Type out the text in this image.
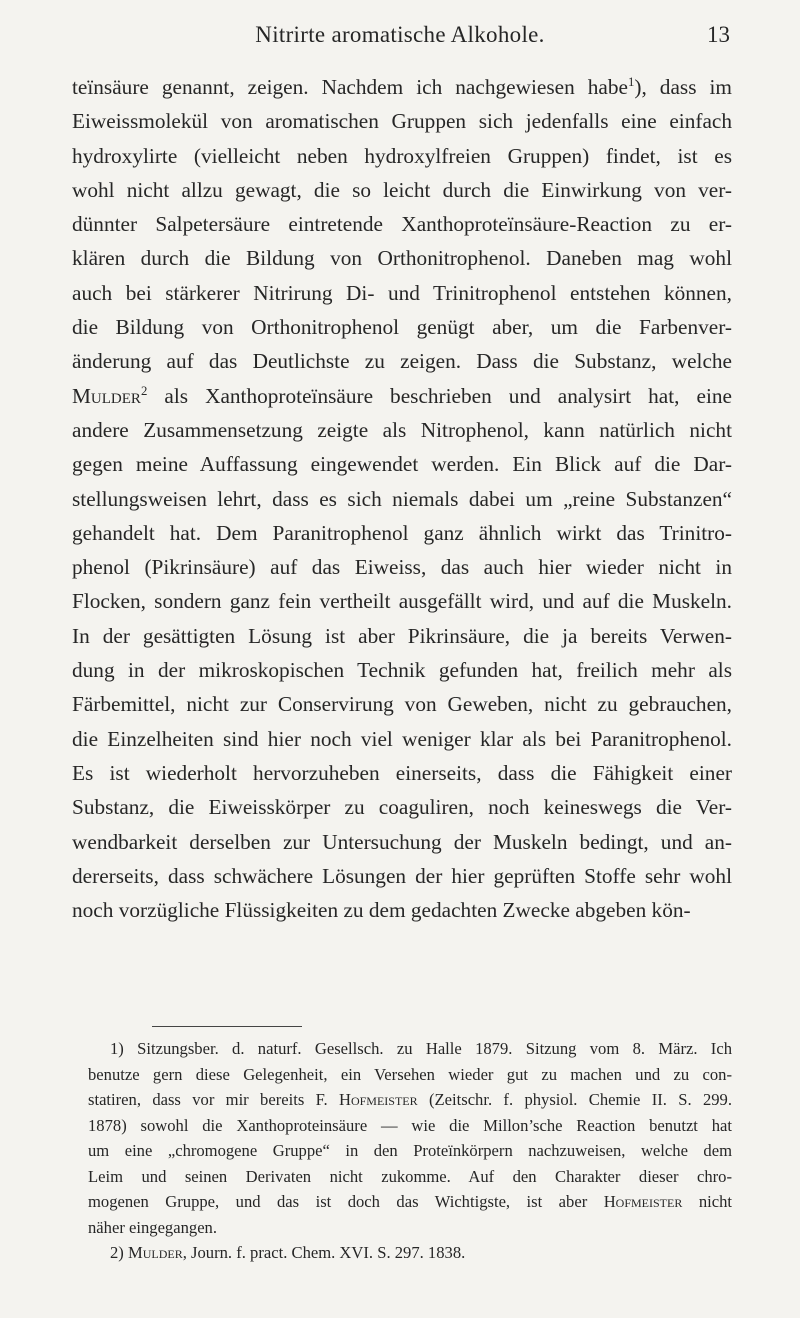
Nitrirte aromatische Alkohole.	13
teïnsäure genannt, zeigen. Nachdem ich nachgewiesen habe$^1$), dass im
Eiweissmolekül von aromatischen Gruppen sich jedenfalls eine einfach
hydroxylirte (vielleicht neben hydroxylfreien Gruppen) findet, ist es
wohl nicht allzu gewagt, die so leicht durch die Einwirkung von ver-
dünnter Salpetersäure eintretende Xanthoproteïnsäure-Reaction zu er-
klären durch die Bildung von Orthonitrophenol. Daneben mag wohl
auch bei stärkerer Nitrirung Di- und Trinitrophenol entstehen können,
die Bildung von Orthonitrophenol genügt aber, um die Farbenver-
änderung auf das Deutlichste zu zeigen. Dass die Substanz, welche
Mulder$^2$ als Xanthoproteïnsäure beschrieben und analysirt hat, eine
andere Zusammensetzung zeigte als Nitrophenol, kann natürlich nicht
gegen meine Auffassung eingewendet werden. Ein Blick auf die Dar-
stellungsweisen lehrt, dass es sich niemals dabei um „reine Substanzen“
gehandelt hat. Dem Paranitrophenol ganz ähnlich wirkt das Trinitro-
phenol (Pikrinsäure) auf das Eiweiss, das auch hier wieder nicht in
Flocken, sondern ganz fein vertheilt ausgefällt wird, und auf die Muskeln.
In der gesättigten Lösung ist aber Pikrinsäure, die ja bereits Verwen-
dung in der mikroskopischen Technik gefunden hat, freilich mehr als
Färbemittel, nicht zur Conservirung von Geweben, nicht zu gebrauchen,
die Einzelheiten sind hier noch viel weniger klar als bei Paranitrophenol.
Es ist wiederholt hervorzuheben einerseits, dass die Fähigkeit einer
Substanz, die Eiweisskörper zu coaguliren, noch keineswegs die Ver-
wendbarkeit derselben zur Untersuchung der Muskeln bedingt, und an-
dererseits, dass schwächere Lösungen der hier geprüften Stoffe sehr wohl
noch vorzügliche Flüssigkeiten zu dem gedachten Zwecke abgeben kön-
1) Sitzungsber. d. naturf. Gesellsch. zu Halle 1879. Sitzung vom 8. März. Ich
benutze gern diese Gelegenheit, ein Versehen wieder gut zu machen und zu con-
statiren, dass vor mir bereits F. Hofmeister (Zeitschr. f. physiol. Chemie II. S. 299.
1878) sowohl die Xanthoproteinsäure — wie die Millon’sche Reaction benutzt hat
um eine „chromogene Gruppe“ in den Proteïnkörpern nachzuweisen, welche dem
Leim und seinen Derivaten nicht zukomme. Auf den Charakter dieser chro-
mogenen Gruppe, und das ist doch das Wichtigste, ist aber Hofmeister nicht
näher eingegangen.
2) Mulder, Journ. f. pract. Chem. XVI. S. 297. 1838.
